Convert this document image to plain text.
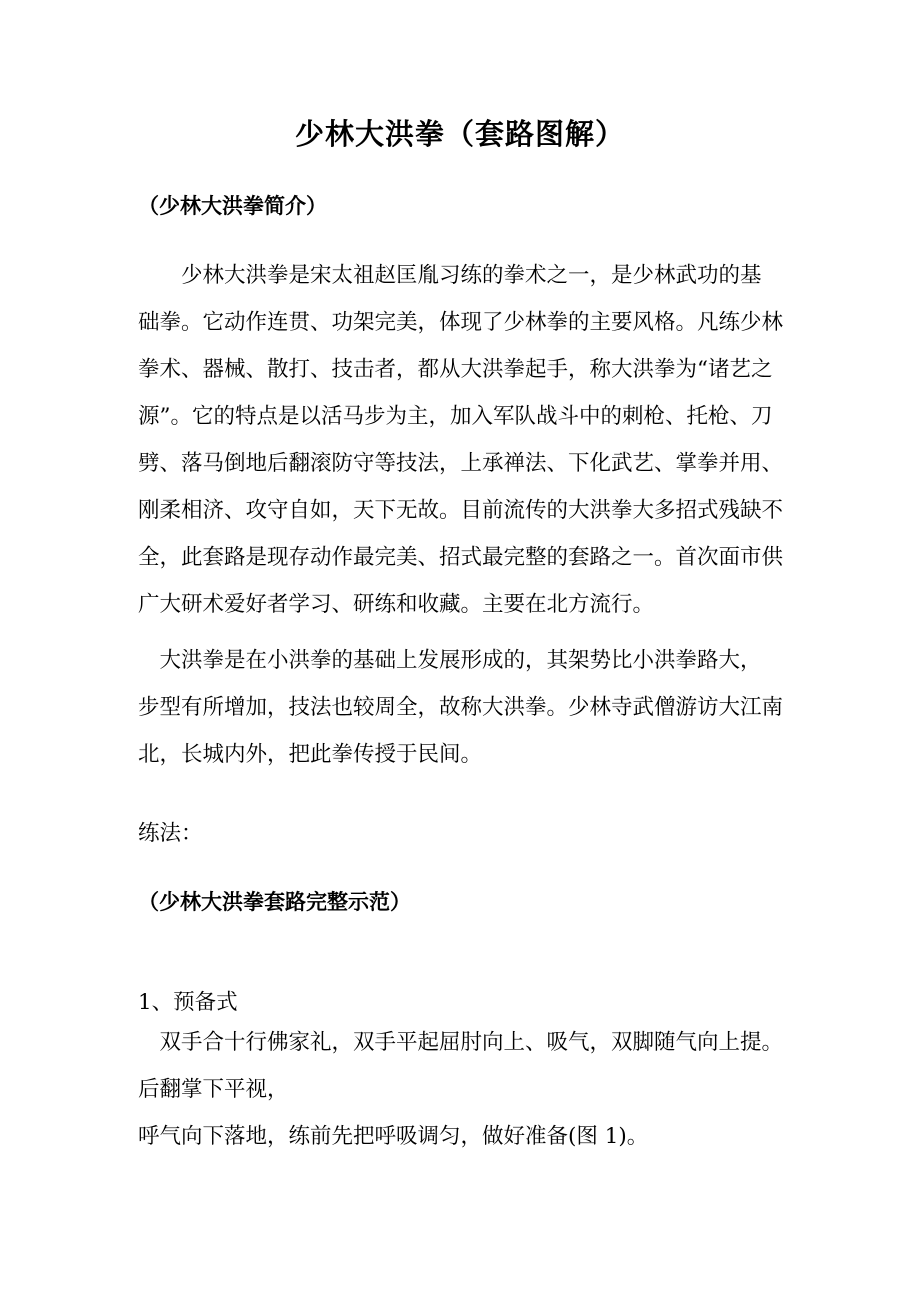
少林大洪拳（套路图解）
（少林大洪拳简介）
　　少林大洪拳是宋太祖赵匡胤习练的拳术之一，是少林武功的基
础拳。它动作连贯、功架完美，体现了少林拳的主要风格。凡练少林
拳术、器械、散打、技击者，都从大洪拳起手，称大洪拳为“诸艺之
源”。它的特点是以活马步为主，加入军队战斗中的刺枪、托枪、刀
劈、落马倒地后翻滚防守等技法，上承禅法、下化武艺、掌拳并用、
刚柔相济、攻守自如，天下无故。目前流传的大洪拳大多招式残缺不
全，此套路是现存动作最完美、招式最完整的套路之一。首次面市供
广大研术爱好者学习、研练和收藏。主要在北方流行。
　大洪拳是在小洪拳的基础上发展形成的，其架势比小洪拳路大，
步型有所增加，技法也较周全，故称大洪拳。少林寺武僧游访大江南
北，长城内外，把此拳传授于民间。
练法：
（少林大洪拳套路完整示范）
1、预备式
　双手合十行佛家礼，双手平起屈肘向上、吸气，双脚随气向上提。
后翻掌下平视，
呼气向下落地，练前先把呼吸调匀，做好准备(图 1)。
